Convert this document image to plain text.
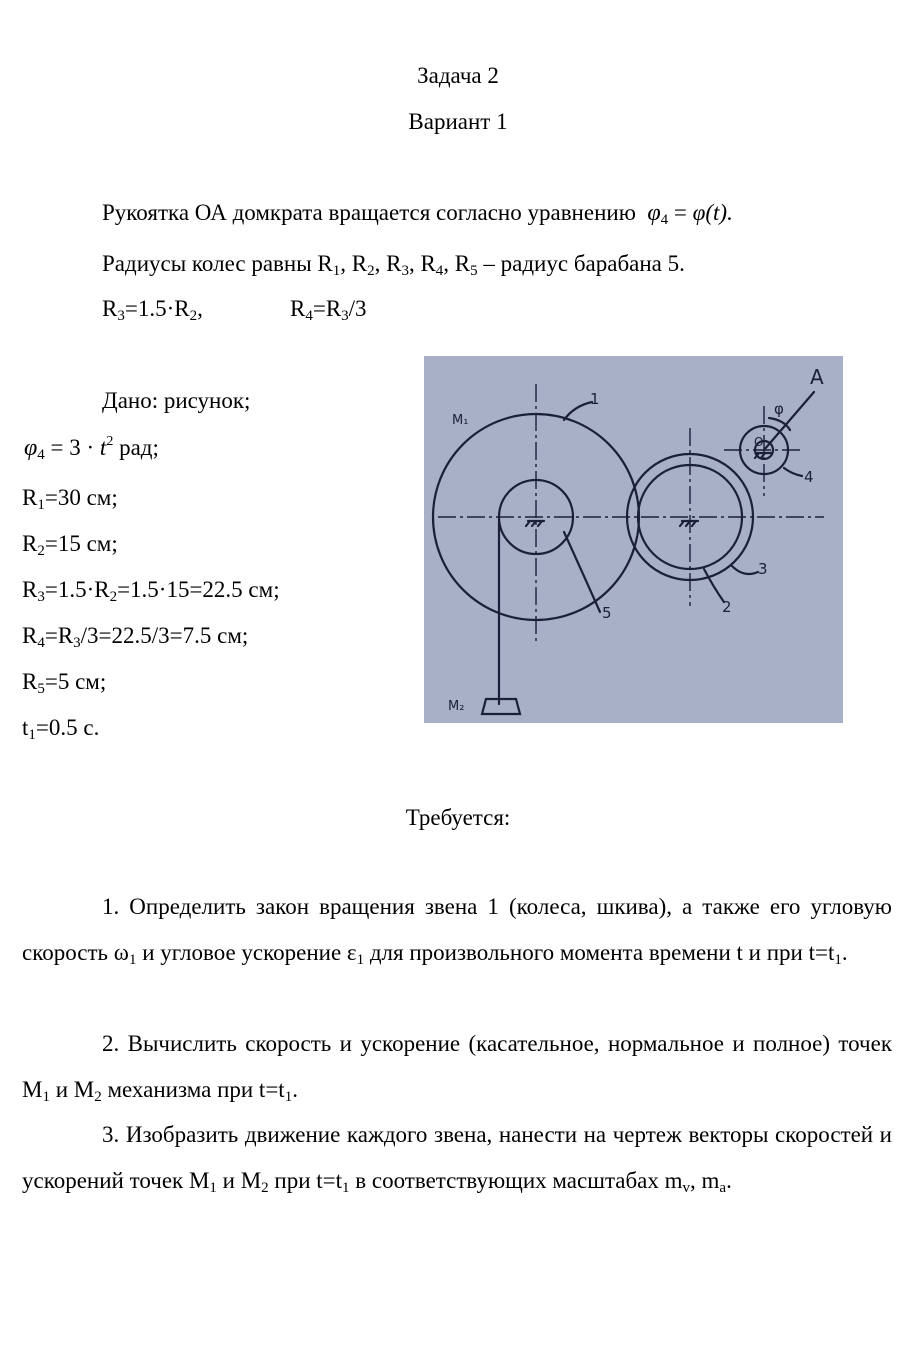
Задача 2
Вариант 1
Рукоятка ОА домкрата вращается согласно уравнению $\varphi_4 = \varphi(t)$.
Радиусы колес равны $R_1$, $R_2$, $R_3$, $R_4$, $R_5$ – радиус барабана 5.
$R_3=1.5\cdot R_2$,	$R_4=R_3/3$
Дано: рисунок;
$\varphi_4 = 3 \cdot t^2$ рад;
$R_1=30$ см;
$R_2=15$ см;
$R_3=1.5\cdot R_2=1.5\cdot 15=22.5$ см;
$R_4=R_3/3=22.5/3=7.5$ см;
$R_5=5$ см;
$t_1=0.5$ с.
A
φ
M₁
M₂
1
5	2
3
4
O
Требуется:
1. Определить закон вращения звена 1 (колеса, шкива), а также его угловую скорость $\omega_1$ и угловое ускорение $\varepsilon_1$ для произвольного момента времени t и при $t=t_1$.
2. Вычислить скорость и ускорение (касательное, нормальное и полное) точек $М_1$ и $М_2$ механизма при $t=t_1$.
3. Изобразить движение каждого звена, нанести на чертеж векторы скоростей и ускорений точек $М_1$ и $М_2$ при $t=t_1$ в соответствующих масштабах $m_v$, $m_a$.
